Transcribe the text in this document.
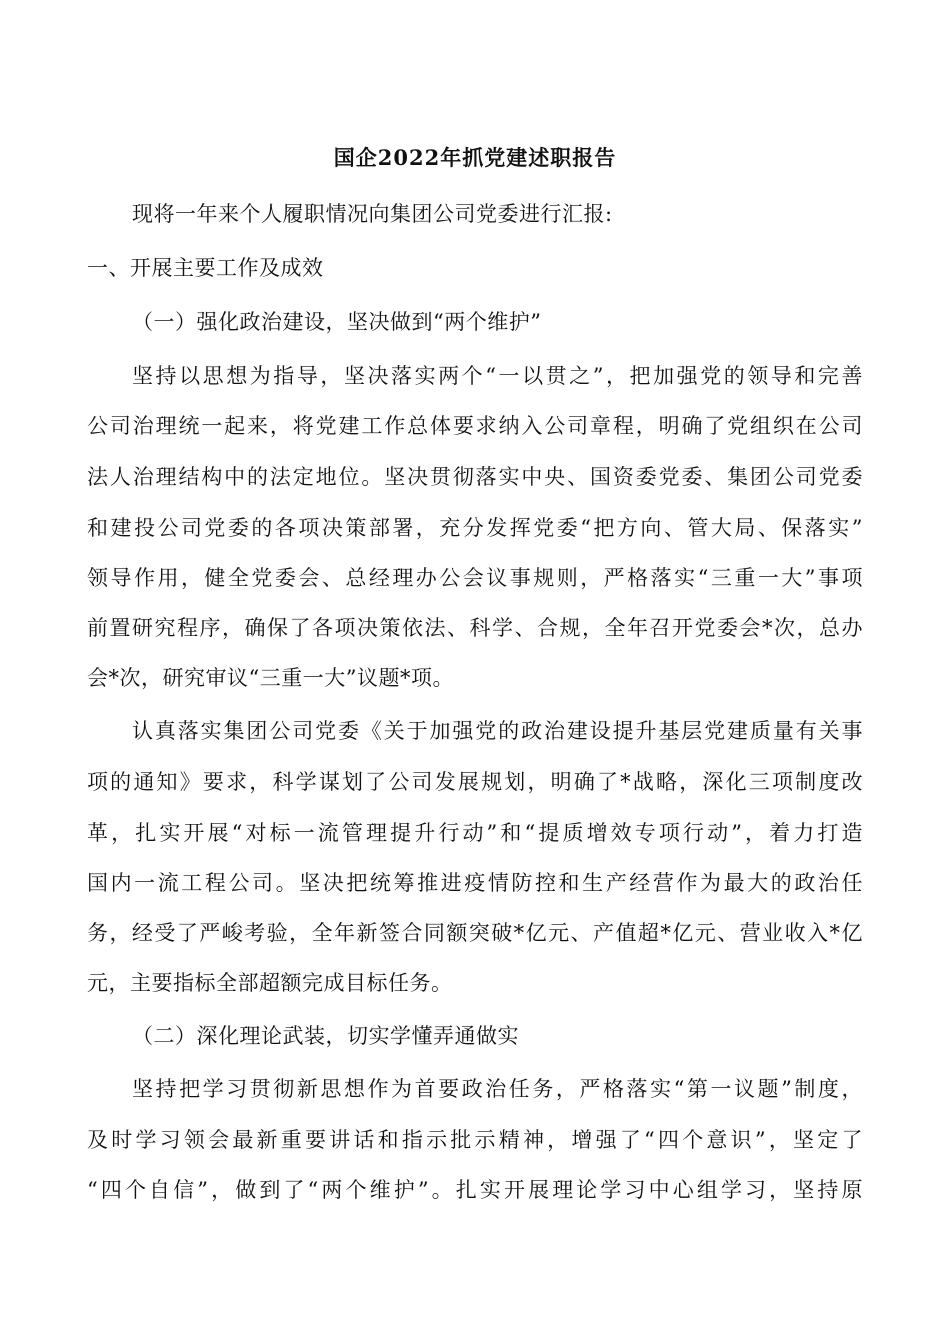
国企2022年抓党建述职报告
现将一年来个人履职情况向集团公司党委进行汇报:
一、开展主要工作及成效
（一）强化政治建设，坚决做到“两个维护”
坚持以思想为指导，坚决落实两个“一以贯之”，把加强党的领导和完善
公司治理统一起来，将党建工作总体要求纳入公司章程，明确了党组织在公司
法人治理结构中的法定地位。坚决贯彻落实中央、国资委党委、集团公司党委
和建投公司党委的各项决策部署，充分发挥党委“把方向、管大局、保落实”
领导作用，健全党委会、总经理办公会议事规则，严格落实“三重一大”事项
前置研究程序，确保了各项决策依法、科学、合规，全年召开党委会*次，总办
会*次，研究审议“三重一大”议题*项。
认真落实集团公司党委《关于加强党的政治建设提升基层党建质量有关事
项的通知》要求，科学谋划了公司发展规划，明确了*战略，深化三项制度改
革，扎实开展“对标一流管理提升行动”和“提质增效专项行动”，着力打造
国内一流工程公司。坚决把统筹推进疫情防控和生产经营作为最大的政治任
务，经受了严峻考验，全年新签合同额突破*亿元、产值超*亿元、营业收入*亿
元，主要指标全部超额完成目标任务。
（二）深化理论武装，切实学懂弄通做实
坚持把学习贯彻新思想作为首要政治任务，严格落实“第一议题”制度，
及时学习领会最新重要讲话和指示批示精神，增强了“四个意识”，坚定了
“四个自信”，做到了“两个维护”。扎实开展理论学习中心组学习，坚持原
